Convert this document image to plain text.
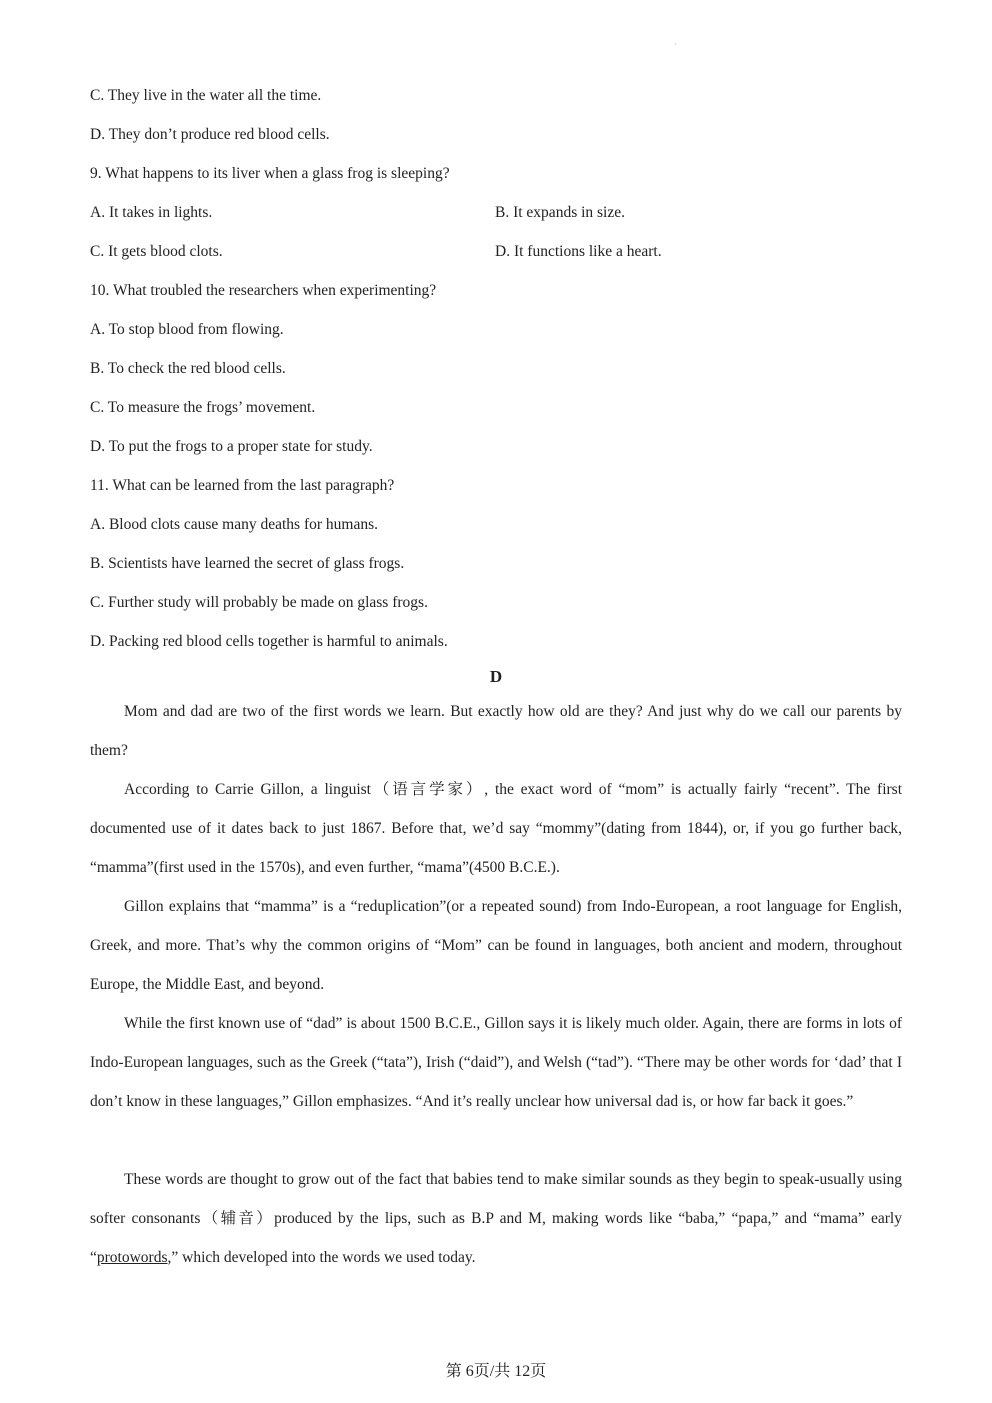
·
C. They live in the water all the time.
D. They don’t produce red blood cells.
9. What happens to its liver when a glass frog is sleeping?
A. It takes in lights.	B. It expands in size.
C. It gets blood clots.	D. It functions like a heart.
10. What troubled the researchers when experimenting?
A. To stop blood from flowing.
B. To check the red blood cells.
C. To measure the frogs’ movement.
D. To put the frogs to a proper state for study.
11. What can be learned from the last paragraph?
A. Blood clots cause many deaths for humans.
B. Scientists have learned the secret of glass frogs.
C. Further study will probably be made on glass frogs.
D. Packing red blood cells together is harmful to animals.
D
Mom and dad are two of the first words we learn. But exactly how old are they? And just why do we call our parents by them?
According to Carrie Gillon, a linguist（语言学家）, the exact word of “mom” is actually fairly “recent”. The first documented use of it dates back to just 1867. Before that, we’d say “mommy”(dating from 1844), or, if you go further back, “mamma”(first used in the 1570s), and even further, “mama”(4500 B.C.E.).
Gillon explains that “mamma” is a “reduplication”(or a repeated sound) from Indo-European, a root language for English, Greek, and more. That’s why the common origins of “Mom” can be found in languages, both ancient and modern, throughout Europe, the Middle East, and beyond.
While the first known use of “dad” is about 1500 B.C.E., Gillon says it is likely much older. Again, there are forms in lots of Indo-European languages, such as the Greek (“tata”), Irish (“daid”), and Welsh (“tad”). “There may be other words for ‘dad’ that I don’t know in these languages,” Gillon emphasizes. “And it’s really unclear how universal dad is, or how far back it goes.”
These words are thought to grow out of the fact that babies tend to make similar sounds as they begin to speak-usually using softer consonants（辅音）produced by the lips, such as B.P and M, making words like “baba,” “papa,” and “mama” early “protowords,” which developed into the words we used today.
第 6页/共 12页
